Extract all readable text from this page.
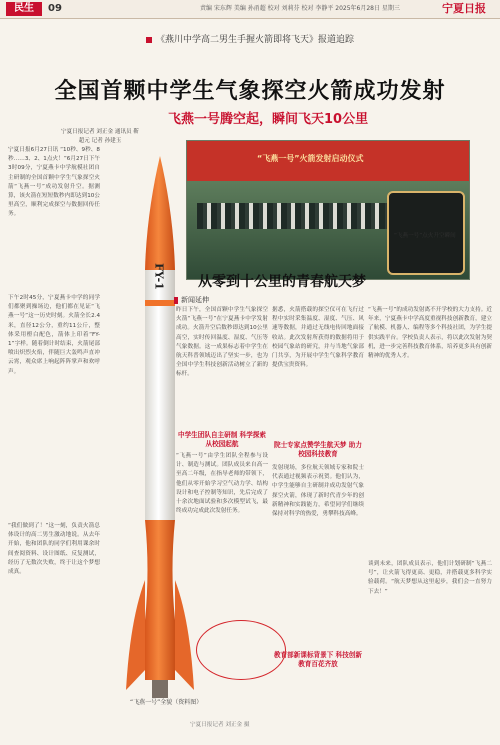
民生	09	责编 宋东辉 美编 孙甬超 校对 刘莉芬 校对 李静平 2025年6月28日 星期三	宁夏日报
《燕川中学高二男生手握火箭即将飞天》报道追踪
全国首颗中学生气象探空火箭成功发射
飞燕一号腾空起，瞬间飞天10公里
宁夏日报记者 刘正金 通讯员 靳超元 记者 孙建玉
宁夏日报6月27日讯 “10秒、9秒、8秒……3、2、1点火！”6月27日下午3时09分，宁夏燕卡中学航模社团自主研制的全国首颗中学生气象探空火箭“飞燕一号”成功发射升空。据测算，该火箭在短短数秒内即达到10公里高空，顺利完成探空与数据回传任务。
下午2时45分，宁夏燕卡中学的同学们都聚到操场边，他们都在见证“飞燕一号”这一历史时刻。火箭全长2.4米，直径12公分，重约11公斤，整体采用橙白配色，箭体上印着“FY-1”字样。随着倒计时结束，火箭尾部喷出炽烈火焰，伴随巨大轰鸣声直冲云霄，观众席上响起阵阵掌声和欢呼声。
“我们做到了！”这一刻，负责火箭总体设计的高二男生激动地说。从去年开始，他和团队的同学们利用课余时间查阅资料、设计图纸、反复测试，经历了无数次失败，终于让这个梦想成真。
FY-1
“飞燕一号”全貌（资料图）
“飞燕一号”火箭发射启动仪式
“飞燕一号”点火升空瞬间
从零到十公里的青春航天梦
新闻延伸
昨日下午，全国首颗中学生气象探空火箭“飞燕一号”在宁夏燕卡中学发射成功。火箭升空后数秒即达到10公里高空，实时传回温度、湿度、气压等气象数据。这一成果标志着中学生在航天科普领域迈出了坚实一步，也为全国中学生科技创新活动树立了新的标杆。
中学生团队自主研制 科学探索从校园起航
“飞燕一号”由学生团队全程参与设计、制造与测试。团队成员来自高一至高二年级，在指导老师的带领下，他们从零开始学习空气动力学、结构设计和电子控制等知识，先后完成了十余次地面试验和多次模型试飞，最终成功完成此次发射任务。
据悉，火箭搭载的探空仪可在飞行过程中实时采集温度、湿度、气压、风速等数据，并通过无线电传回地面接收站。此次发射所获得的数据将用于校园气象站的研究，并与当地气象部门共享，为开展中学生气象科学教育提供宝贵资料。
院士专家点赞学生航天梦 助力校园科技教育
发射现场，多位航天领域专家和院士代表通过视频表示祝贺。他们认为，中学生能够自主研制并成功发射气象探空火箭，体现了新时代青少年的创新精神和实践能力，希望同学们继续保持对科学的热爱，勇攀科技高峰。
教育部新课标背景下 科技创新教育百花齐放
“飞燕一号”的成功发射离不开学校的大力支持。近年来，宁夏燕卡中学高度重视科技创新教育，建立了航模、机器人、编程等多个科技社团，为学生提供实践平台。学校负责人表示，将以此次发射为契机，进一步完善科技教育体系，培养更多具有创新精神的优秀人才。
谈到未来，团队成员表示，他们计划研制“飞燕二号”，让火箭飞得更高、更稳，并搭载更多科学实验载荷。“航天梦想从这里起步，我们会一直努力下去！”
宁夏日报记者 刘正金 摄
